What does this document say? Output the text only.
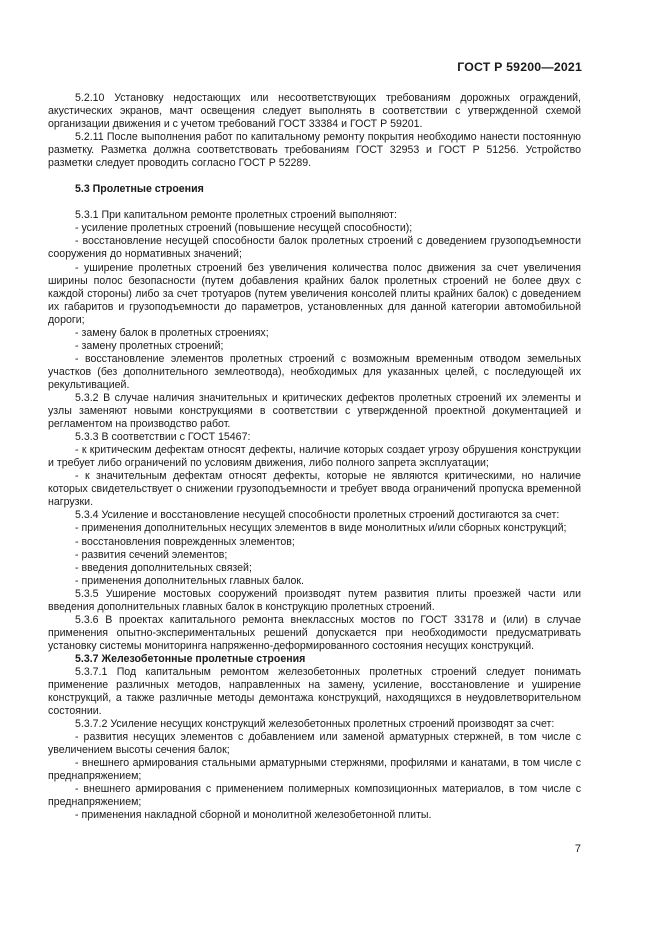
ГОСТ Р 59200—2021

5.2.10 Установку недостающих или несоответствующих требованиям дорожных ограждений, акустических экранов, мачт освещения следует выполнять в соответствии с утвержденной схемой организации движения и с учетом требований ГОСТ 33384 и ГОСТ Р 59201.

5.2.11 После выполнения работ по капитальному ремонту покрытия необходимо нанести постоянную разметку. Разметка должна соответствовать требованиям ГОСТ 32953 и ГОСТ Р 51256. Устройство разметки следует проводить согласно ГОСТ Р 52289.

5.3 Пролетные строения

5.3.1 При капитальном ремонте пролетных строений выполняют:

- усиление пролетных строений (повышение несущей способности);

- восстановление несущей способности балок пролетных строений с доведением грузоподъемности сооружения до нормативных значений;

- уширение пролетных строений без увеличения количества полос движения за счет увеличения ширины полос безопасности (путем добавления крайних балок пролетных строений не более двух с каждой стороны) либо за счет тротуаров (путем увеличения консолей плиты крайних балок) с доведением их габаритов и грузоподъемности до параметров, установленных для данной категории автомобильной дороги;

- замену балок в пролетных строениях;

- замену пролетных строений;

- восстановление элементов пролетных строений с возможным временным отводом земельных участков (без дополнительного землеотвода), необходимых для указанных целей, с последующей их рекультивацией.

5.3.2 В случае наличия значительных и критических дефектов пролетных строений их элементы и узлы заменяют новыми конструкциями в соответствии с утвержденной проектной документацией и регламентом на производство работ.

5.3.3 В соответствии с ГОСТ 15467:

- к критическим дефектам относят дефекты, наличие которых создает угрозу обрушения конструкции и требует либо ограничений по условиям движения, либо полного запрета эксплуатации;

- к значительным дефектам относят дефекты, которые не являются критическими, но наличие которых свидетельствует о снижении грузоподъемности и требует ввода ограничений пропуска временной нагрузки.

5.3.4 Усиление и восстановление несущей способности пролетных строений достигаются за счет:

- применения дополнительных несущих элементов в виде монолитных и/или сборных конструкций;

- восстановления поврежденных элементов;

- развития сечений элементов;

- введения дополнительных связей;

- применения дополнительных главных балок.

5.3.5 Уширение мостовых сооружений производят путем развития плиты проезжей части или введения дополнительных главных балок в конструкцию пролетных строений.

5.3.6 В проектах капитального ремонта внеклассных мостов по ГОСТ 33178 и (или) в случае применения опытно-экспериментальных решений допускается при необходимости предусматривать установку системы мониторинга напряженно-деформированного состояния несущих конструкций.

5.3.7 Железобетонные пролетные строения

5.3.7.1 Под капитальным ремонтом железобетонных пролетных строений следует понимать применение различных методов, направленных на замену, усиление, восстановление и уширение конструкций, а также различные методы демонтажа конструкций, находящихся в неудовлетворительном состоянии.

5.3.7.2 Усиление несущих конструкций железобетонных пролетных строений производят за счет:

- развития несущих элементов с добавлением или заменой арматурных стержней, в том числе с увеличением высоты сечения балок;

- внешнего армирования стальными арматурными стержнями, профилями и канатами, в том числе с преднапряжением;

- внешнего армирования с применением полимерных композиционных материалов, в том числе с преднапряжением;

- применения накладной сборной и монолитной железобетонной плиты.

7
